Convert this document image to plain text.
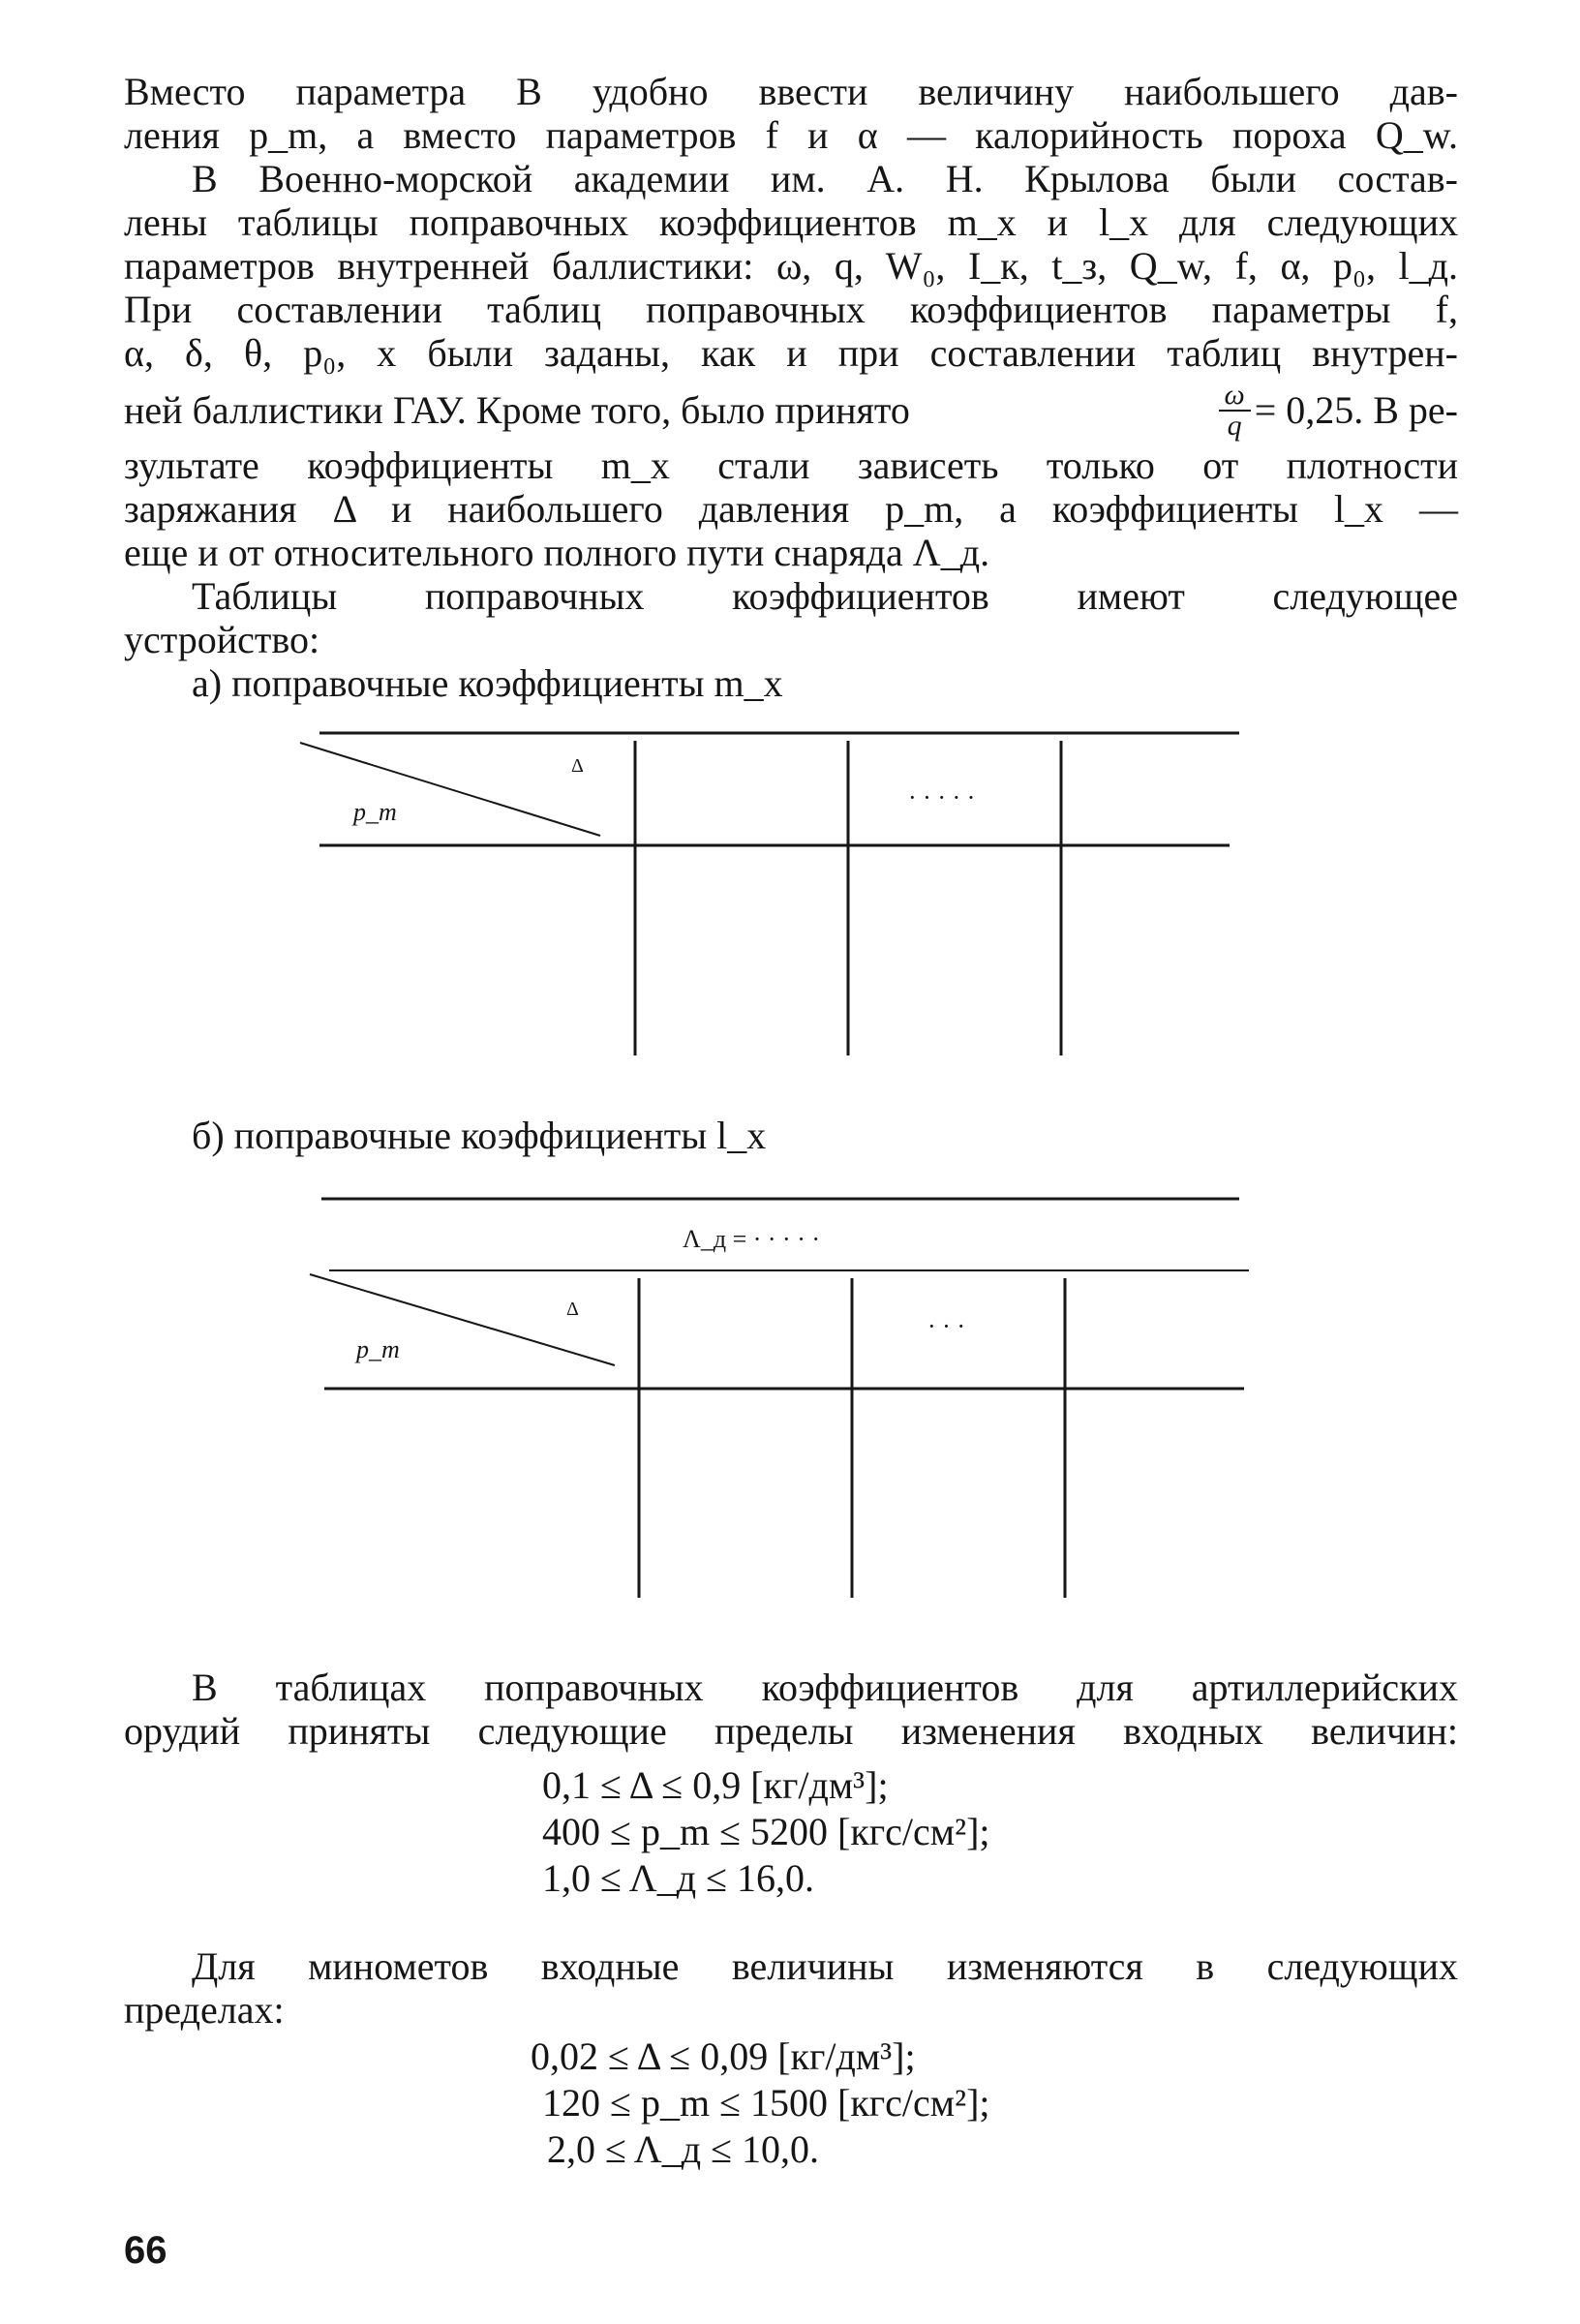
Вместо параметра B удобно ввести величину наибольшего дав-
ления p_m, а вместо параметров f и α — калорийность пороха Q_w.
В Военно-морской академии им. А. Н. Крылова были состав-
лены таблицы поправочных коэффициентов m_x и l_x для следующих
параметров внутренней баллистики: ω, q, W₀, I_к, t_з, Q_w, f, α, p₀, l_д.
При составлении таблиц поправочных коэффициентов параметры f,
α, δ, θ, p₀, x были заданы, как и при составлении таблиц внутрен-
ней баллистики ГАУ. Кроме того, было принято	$\frac{\omega}{q} = 0,25$. В ре-
зультате коэффициенты m_x стали зависеть только от плотности
заряжания Δ и наибольшего давления p_m, а коэффициенты l_x —
еще и от относительного полного пути снаряда Λ_д.
Таблицы поправочных коэффициентов имеют следующее
устройство:
а) поправочные коэффициенты m_x
Δ
p_m
· · · · ·
б) поправочные коэффициенты l_x
Λ_д = · · · · ·
Δ
p_m
· · ·
В таблицах поправочных коэффициентов для артиллерийских
орудий приняты следующие пределы изменения входных величин:
0,1 ≤ Δ ≤ 0,9 [кг/дм³];
400 ≤ p_m ≤ 5200 [кгс/см²];
1,0 ≤ Λ_д ≤ 16,0.
Для минометов входные величины изменяются в следующих
пределах:
0,02 ≤ Δ ≤ 0,09 [кг/дм³];
120 ≤ p_m ≤ 1500 [кгс/см²];
2,0 ≤ Λ_д ≤ 10,0.
66
